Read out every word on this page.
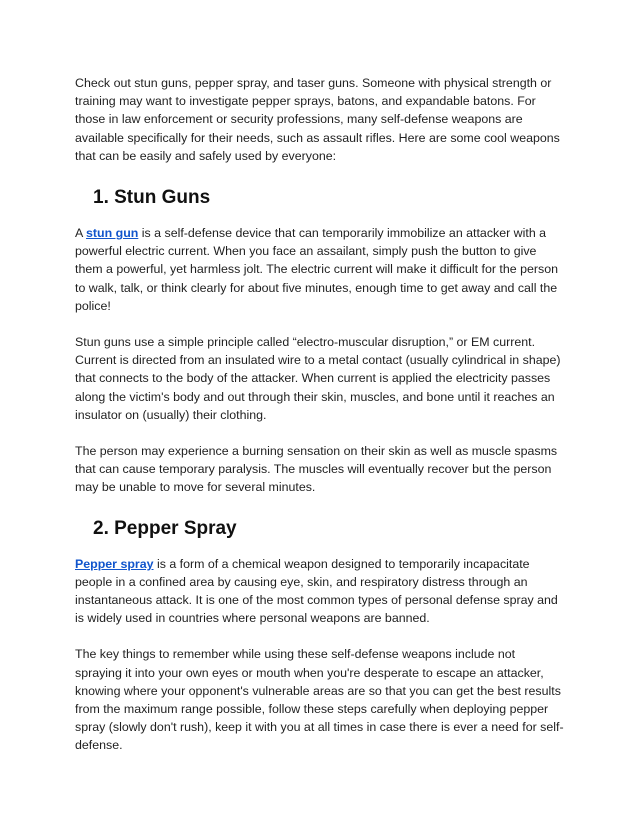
Check out stun guns, pepper spray, and taser guns. Someone with physical strength or training may want to investigate pepper sprays, batons, and expandable batons. For those in law enforcement or security professions, many self-defense weapons are available specifically for their needs, such as assault rifles. Here are some cool weapons that can be easily and safely used by everyone:

1. Stun Guns

A stun gun is a self-defense device that can temporarily immobilize an attacker with a powerful electric current. When you face an assailant, simply push the button to give them a powerful, yet harmless jolt. The electric current will make it difficult for the person to walk, talk, or think clearly for about five minutes, enough time to get away and call the police!

Stun guns use a simple principle called “electro-muscular disruption,” or EM current. Current is directed from an insulated wire to a metal contact (usually cylindrical in shape) that connects to the body of the attacker. When current is applied the electricity passes along the victim's body and out through their skin, muscles, and bone until it reaches an insulator on (usually) their clothing.

The person may experience a burning sensation on their skin as well as muscle spasms that can cause temporary paralysis. The muscles will eventually recover but the person may be unable to move for several minutes.

2. Pepper Spray

Pepper spray is a form of a chemical weapon designed to temporarily incapacitate people in a confined area by causing eye, skin, and respiratory distress through an instantaneous attack. It is one of the most common types of personal defense spray and is widely used in countries where personal weapons are banned.

The key things to remember while using these self-defense weapons include not spraying it into your own eyes or mouth when you're desperate to escape an attacker, knowing where your opponent's vulnerable areas are so that you can get the best results from the maximum range possible, follow these steps carefully when deploying pepper spray (slowly don't rush), keep it with you at all times in case there is ever a need for self-defense.
